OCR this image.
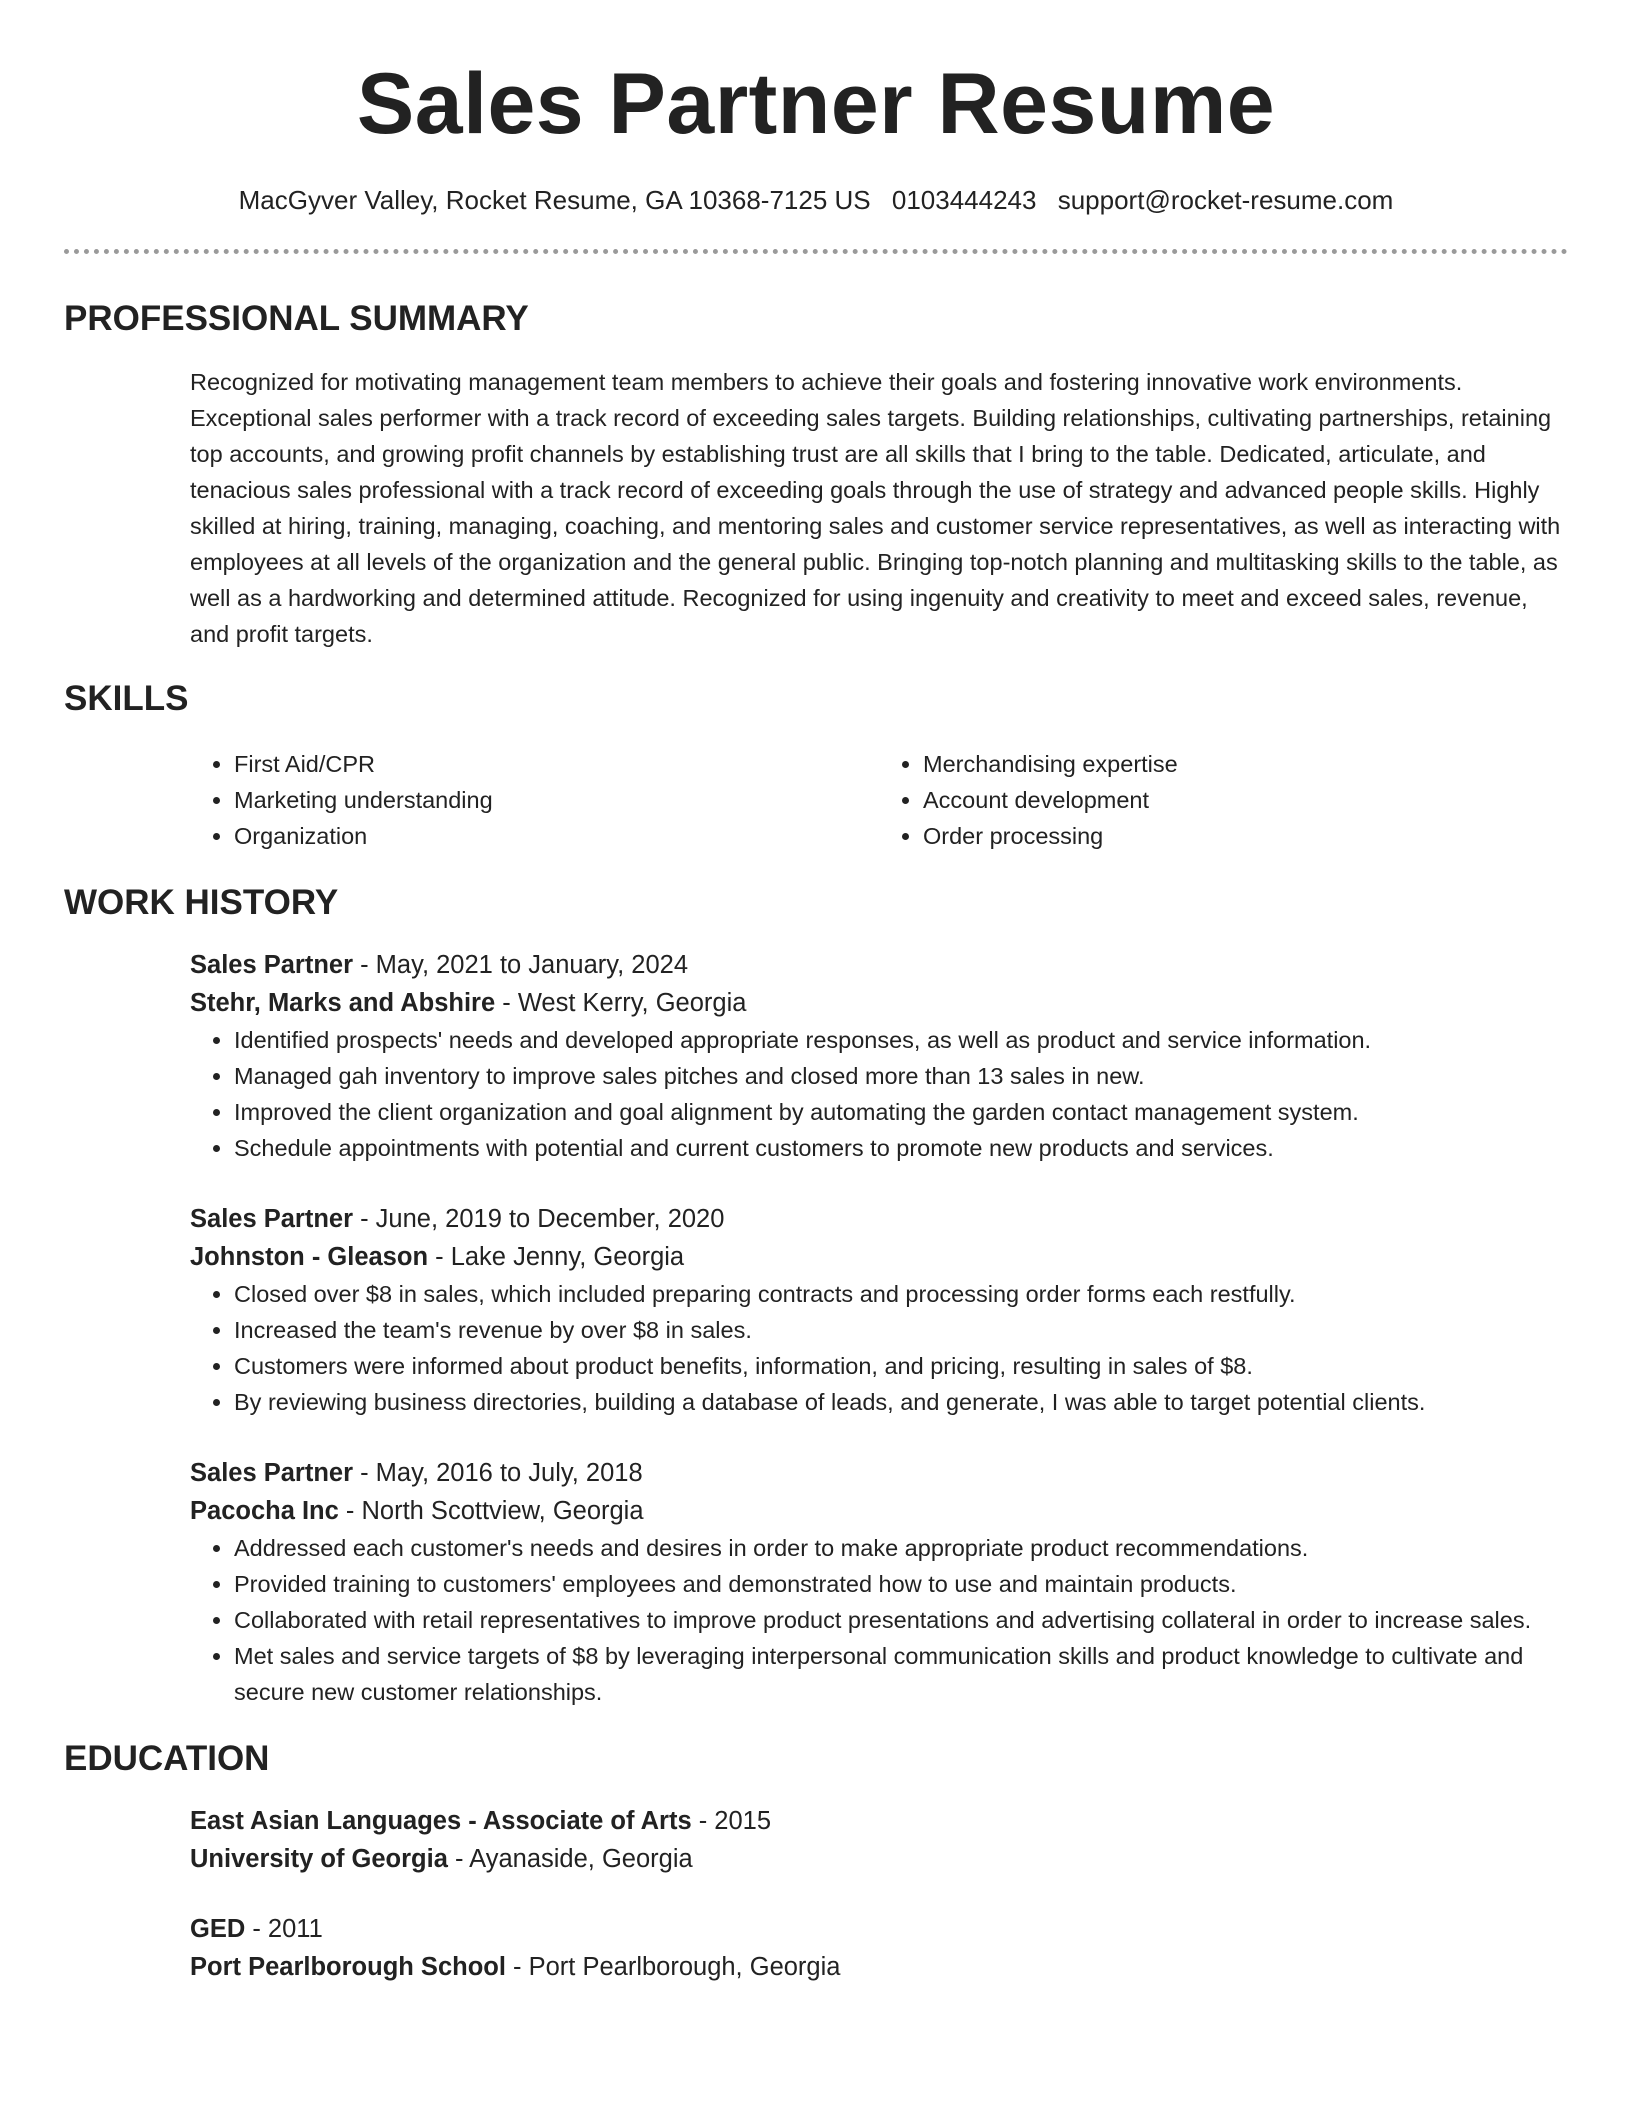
Sales Partner Resume
MacGyver Valley, Rocket Resume, GA 10368-7125 US 0103444243 support@rocket-resume.com
PROFESSIONAL SUMMARY

Recognized for motivating management team members to achieve their goals and fostering innovative work environments. Exceptional sales performer with a track record of exceeding sales targets. Building relationships, cultivating partnerships, retaining top accounts, and growing profit channels by establishing trust are all skills that I bring to the table. Dedicated, articulate, and tenacious sales professional with a track record of exceeding goals through the use of strategy and advanced people skills. Highly skilled at hiring, training, managing, coaching, and mentoring sales and customer service representatives, as well as interacting with employees at all levels of the organization and the general public. Bringing top-notch planning and multitasking skills to the table, as well as a hardworking and determined attitude. Recognized for using ingenuity and creativity to meet and exceed sales, revenue, and profit targets.

SKILLS
• First Aid/CPR
• Marketing understanding
• Organization
• Merchandising expertise
• Account development
• Order processing
WORK HISTORY
Sales Partner - May, 2021 to January, 2024
Stehr, Marks and Abshire - West Kerry, Georgia
• Identified prospects' needs and developed appropriate responses, as well as product and service information.
• Managed gah inventory to improve sales pitches and closed more than 13 sales in new.
• Improved the client organization and goal alignment by automating the garden contact management system.
• Schedule appointments with potential and current customers to promote new products and services.
Sales Partner - June, 2019 to December, 2020
Johnston - Gleason - Lake Jenny, Georgia
• Closed over $8 in sales, which included preparing contracts and processing order forms each restfully.
• Increased the team's revenue by over $8 in sales.
• Customers were informed about product benefits, information, and pricing, resulting in sales of $8.
• By reviewing business directories, building a database of leads, and generate, I was able to target potential clients.
Sales Partner - May, 2016 to July, 2018
Pacocha Inc - North Scottview, Georgia
• Addressed each customer's needs and desires in order to make appropriate product recommendations.
• Provided training to customers' employees and demonstrated how to use and maintain products.
• Collaborated with retail representatives to improve product presentations and advertising collateral in order to increase sales.
• Met sales and service targets of $8 by leveraging interpersonal communication skills and product knowledge to cultivate and secure new customer relationships.
EDUCATION
East Asian Languages - Associate of Arts - 2015
University of Georgia - Ayanaside, Georgia
GED - 2011
Port Pearlborough School - Port Pearlborough, Georgia
